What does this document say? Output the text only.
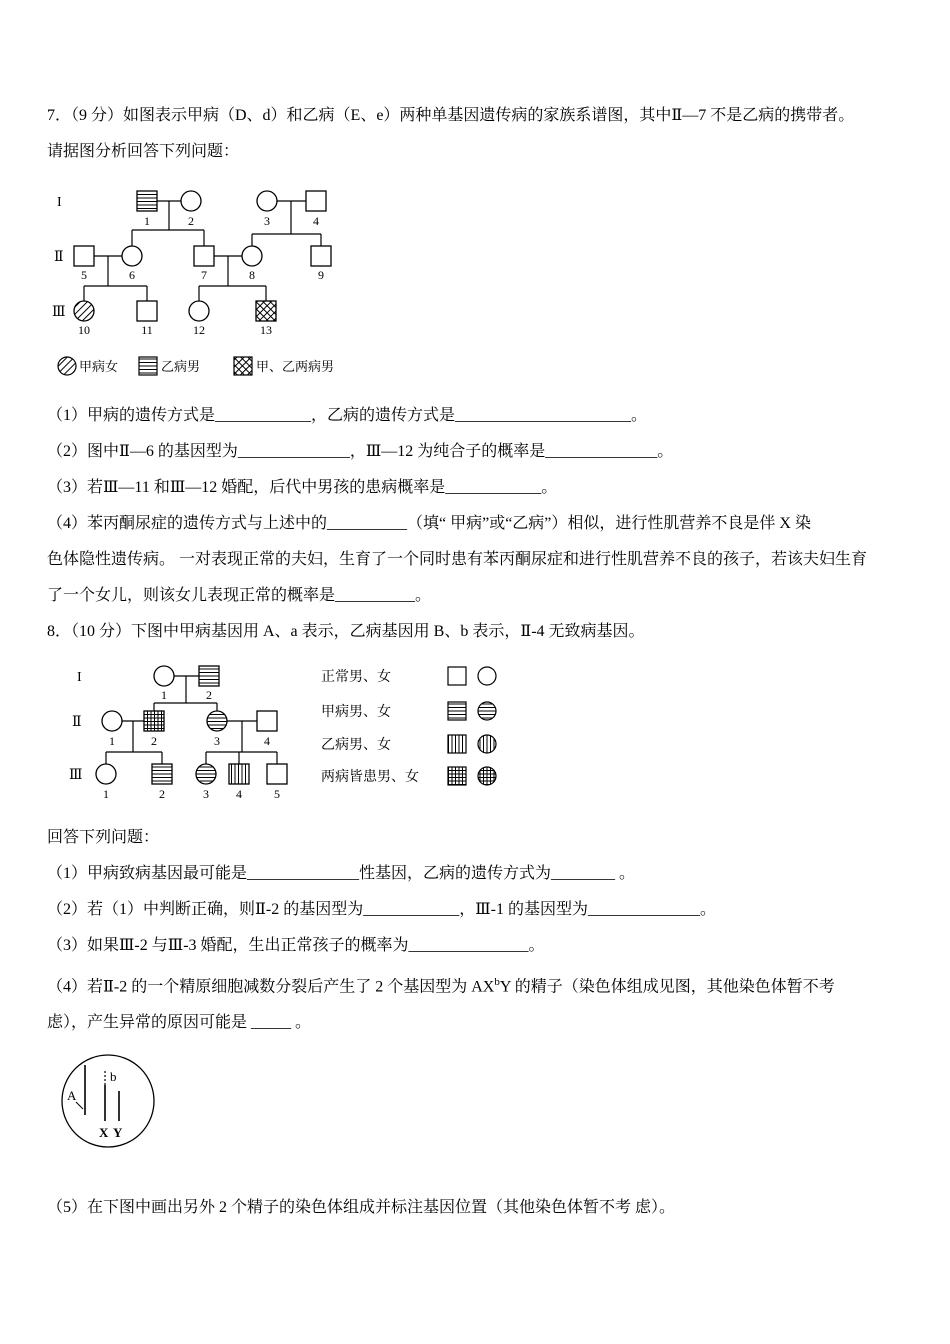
7．（9 分）如图表示甲病（D、d）和乙病（E、e）两种单基因遗传病的家族系谱图，其中Ⅱ—7 不是乙病的携带者。

请据图分析回答下列问题：

I
Ⅱ
Ⅲ
1	2	3	4
5	6	7	8	9
10	11	12	13
甲病女	乙病男	甲、乙两病男

（1）甲病的遗传方式是____________，乙病的遗传方式是______________________。

（2）图中Ⅱ—6 的基因型为______________，Ⅲ—12 为纯合子的概率是______________。

（3）若Ⅲ—11 和Ⅲ—12 婚配，后代中男孩的患病概率是____________。

（4）苯丙酮尿症的遗传方式与上述中的__________（填“ 甲病”或“乙病”）相似，进行性肌营养不良是伴 X 染

色体隐性遗传病。 一对表现正常的夫妇，生育了一个同时患有苯丙酮尿症和进行性肌营养不良的孩子，若该夫妇生育

了一个女儿，则该女儿表现正常的概率是__________。

8．（10 分）下图中甲病基因用 A、a 表示，乙病基因用 B、b 表示，Ⅱ-4 无致病基因。

I
Ⅱ
Ⅲ
1	2
1	2	3	4
1	2	3 4	5
正常男、女
甲病男、女
乙病男、女
两病皆患男、女

回答下列问题：

（1）甲病致病基因最可能是______________性基因，乙病的遗传方式为________ 。

（2）若（1）中判断正确，则Ⅱ-2 的基因型为____________，Ⅲ-1 的基因型为______________。

（3）如果Ⅲ-2 与Ⅲ-3 婚配，生出正常孩子的概率为_______________。

（4）若Ⅱ-2 的一个精原细胞减数分裂后产生了 2 个基因型为 $AX^bY$ 的精子（染色体组成见图，其他染色体暂不考

虑），产生异常的原因可能是 _____ 。

A
b
X Y

（5）在下图中画出另外 2 个精子的染色体组成并标注基因位置（其他染色体暂不考 虑）。
